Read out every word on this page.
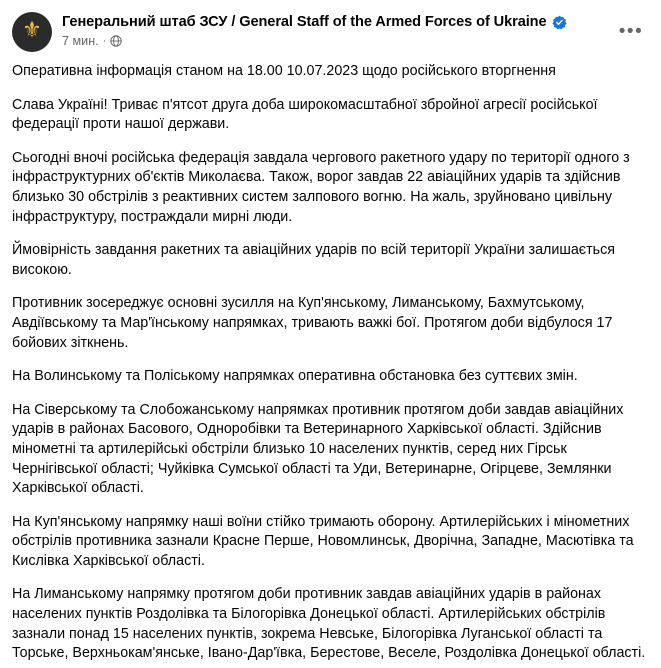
⚜ Генеральний штаб ЗСУ / General Staff of the Armed Forces of Ukraine
7 мин. ·	•••

Оперативна інформація станом на 18.00 10.07.2023 щодо російського вторгнення

Слава Україні! Триває п'ятсот друга доба широкомасштабної збройної агресії російської федерації проти нашої держави.

Сьогодні вночі російська федерація завдала чергового ракетного удару по території одного з інфраструктурних об'єктів Миколаєва. Також, ворог завдав 22 авіаційних ударів та здійснив близько 30 обстрілів з реактивних систем залпового вогню. На жаль, зруйновано цивільну інфраструктуру, постраждали мирні люди.

Ймовірність завдання ракетних та авіаційних ударів по всій території України залишається високою.

Противник зосереджує основні зусилля на Куп'янському, Лиманському, Бахмутському, Авдіївському та Мар'їнському напрямках, тривають важкі бої. Протягом доби відбулося 17 бойових зіткнень.

На Волинському та Поліському напрямках оперативна обстановка без суттєвих змін.

На Сіверському та Слобожанському напрямках противник протягом доби завдав авіаційних ударів в районах Басового, Одноробівки та Ветеринарного Харківської області. Здійснив мінометні та артилерійські обстріли близько 10 населених пунктів, серед них Гірськ Чернігівської області; Чуйківка Сумської області та Уди, Ветеринарне, Огірцеве, Землянки Харківської області.

На Куп'янському напрямку наші воїни стійко тримають оборону. Артилерійських і мінометних обстрілів противника зазнали Красне Перше, Новомлинськ, Дворічна, Западне, Масютівка та Кислівка Харківської області.

На Лиманському напрямку протягом доби противник завдав авіаційних ударів в районах населених пунктів Роздолівка та Білогорівка Донецької області. Артилерійських обстрілів зазнали понад 15 населених пунктів, зокрема Невське, Білогорівка Луганської області та Торське, Верхньокам'янське, Івано-Дар'ївка, Берестове, Веселе, Роздолівка Донецької області.
